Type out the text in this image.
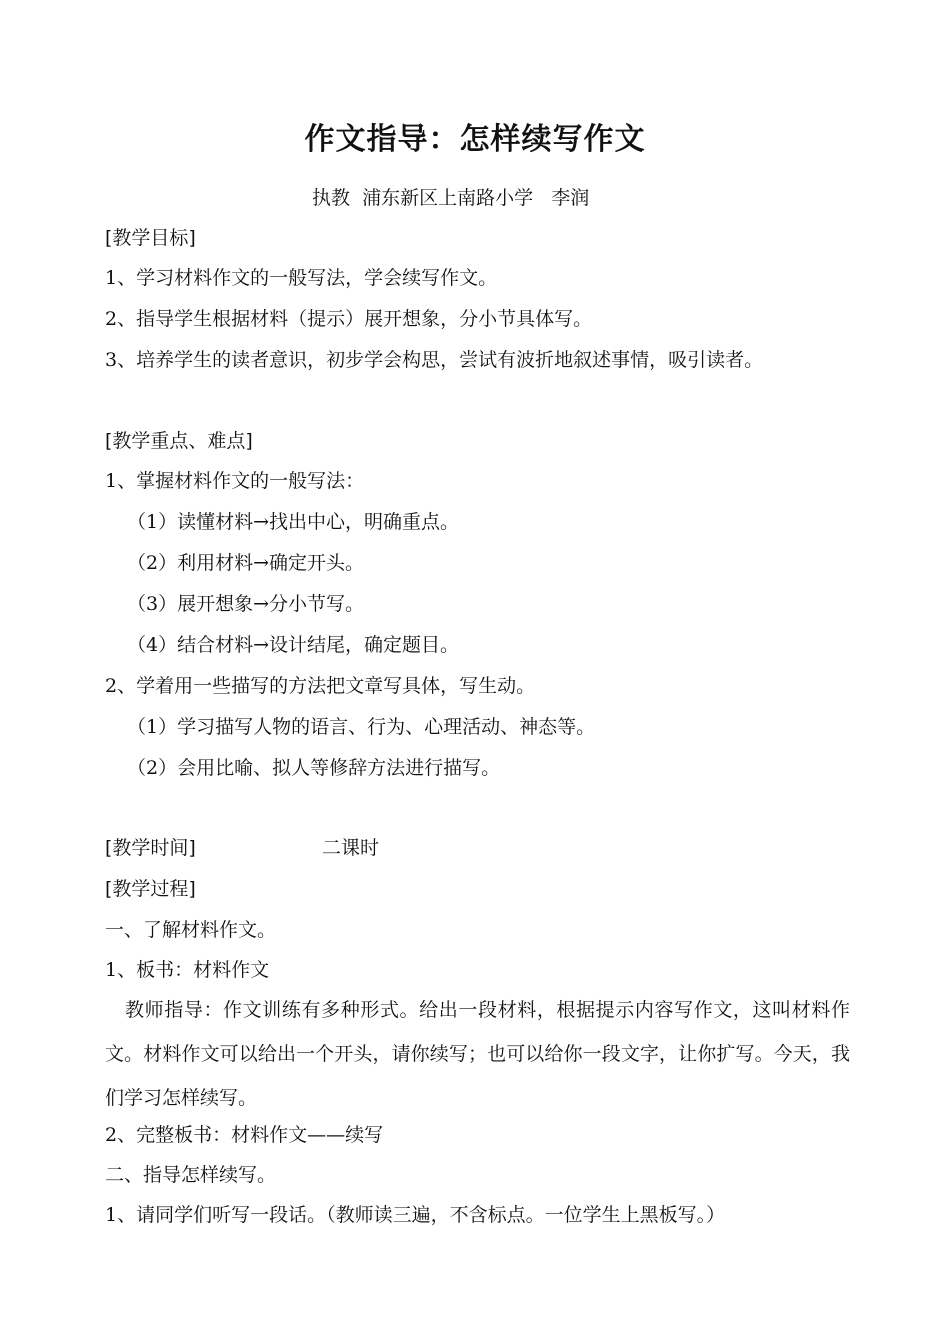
作文指导：怎样续写作文
执教  浦东新区上南路小学   李润
[教学目标]
1、学习材料作文的一般写法，学会续写作文。
2、指导学生根据材料（提示）展开想象，分小节具体写。
3、培养学生的读者意识，初步学会构思，尝试有波折地叙述事情，吸引读者。
[教学重点、难点]
1、掌握材料作文的一般写法：
（1）读懂材料→找出中心，明确重点。
（2）利用材料→确定开头。
（3）展开想象→分小节写。
（4）结合材料→设计结尾，确定题目。
2、学着用一些描写的方法把文章写具体，写生动。
（1）学习描写人物的语言、行为、心理活动、神态等。
（2）会用比喻、拟人等修辞方法进行描写。
[教学时间]	二课时
[教学过程]
一、了解材料作文。
1、板书：材料作文
教师指导：作文训练有多种形式。给出一段材料，根据提示内容写作文，这叫材料作文。材料作文可以给出一个开头，请你续写；也可以给你一段文字，让你扩写。今天，我们学习怎样续写。
2、完整板书：材料作文——续写
二、指导怎样续写。
1、请同学们听写一段话。（教师读三遍，不含标点。一位学生上黑板写。）
